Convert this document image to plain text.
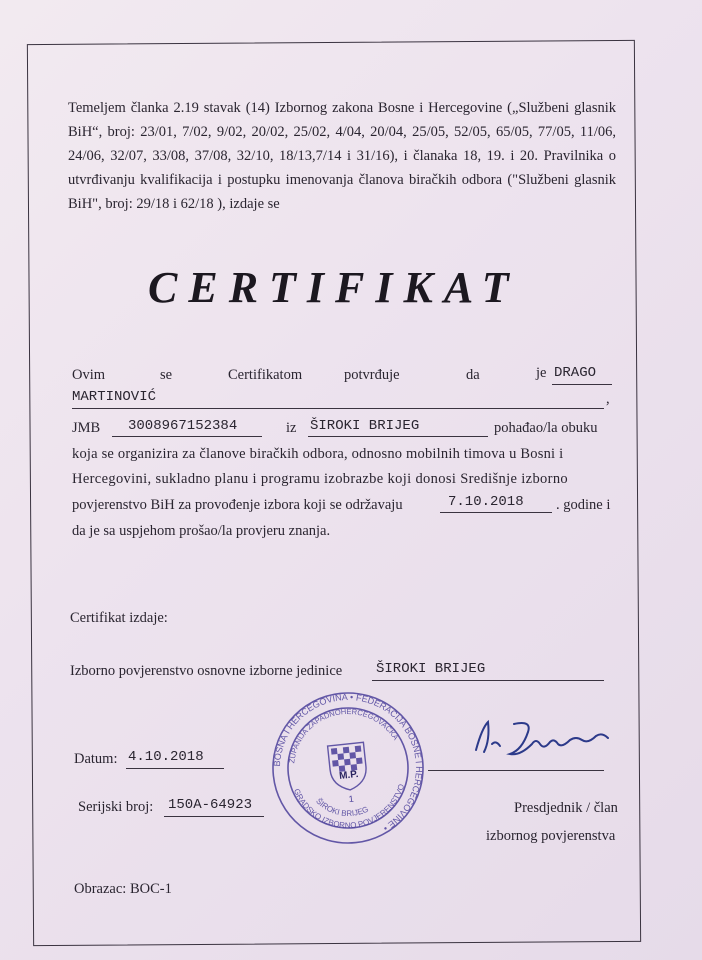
Temeljem članka 2.19 stavak (14) Izbornog zakona Bosne i Hercegovine („Službeni glasnik BiH“, broj: 23/01, 7/02, 9/02, 20/02, 25/02, 4/04, 20/04, 25/05, 52/05, 65/05, 77/05, 11/06, 24/06, 32/07, 33/08, 37/08, 32/10, 18/13,7/14 i 31/16), i članaka 18, 19. i 20. Pravilnika o utvrđivanju kvalifikacija i postupku imenovanja članova biračkih odbora ("Službeni glasnik BiH", broj: 29/18 i 62/18 ), izdaje se
CERTIFIKAT
Ovim	se	Certifikatom	potvrđuje	da	je DRAGO
MARTINOVIĆ	,
JMB 3008967152384	iz ŠIROKI BRIJEG	pohađao/la obuku
koja se organizira za članove biračkih odbora, odnosno mobilnih timova u Bosni i
Hercegovini, sukladno planu i programu izobrazbe koji donosi Središnje izborno
povjerenstvo BiH za provođenje izbora koji se održavaju	7.10.2018 . godine i
da je sa uspjehom prošao/la provjeru znanja.
Certifikat izdaje:
Izborno povjerenstvo osnovne izborne jedinice ŠIROKI BRIJEG
BOSNA I HERCEGOVINA • FEDERACIJA BOSNE I HERCEGOVINE •
ŽUPANIJA ZAPADNOHERCEGOVAČKA
GRADSKO IZBORNO POVJERENSTVO
ŠIROKI BRIJEG
M.P.
1
Datum: 4.10.2018
Serijski broj: 150A-64923	Presdjednik / član
izbornog povjerenstva
Obrazac: BOC-1
